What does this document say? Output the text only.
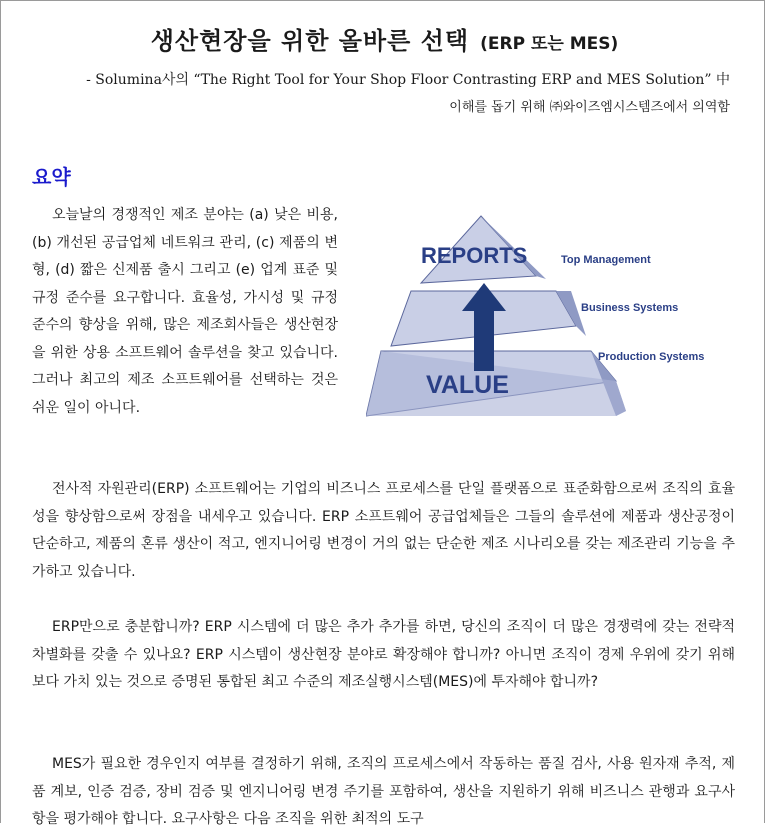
생산현장을 위한 올바른 선택 (ERP 또는 MES)
- Solumina사의 “The Right Tool for Your Shop Floor Contrasting ERP and MES Solution” 中
이해를 돕기 위해 ㈜와이즈엠시스템즈에서 의역함
요약
오늘날의 경쟁적인 제조 분야는 (a) 낮은 비용, (b) 개선된 공급업체 네트워크 관리, (c) 제품의 변형, (d) 짧은 신제품 출시 그리고 (e) 업계 표준 및 규정 준수를 요구합니다. 효율성, 가시성 및 규정준수의 향상을 위해, 많은 제조회사들은 생산현장을 위한 상용 소프트웨어 솔루션을 찾고 있습니다. 그러나 최고의 제조 소프트웨어를 선택하는 것은 쉬운 일이 아니다.
REPORTS
VALUE
Top Management
Business Systems
Production Systems
전사적 자원관리(ERP) 소프트웨어는 기업의 비즈니스 프로세스를 단일 플랫폼으로 표준화함으로써 조직의 효율성을 향상함으로써 장점을 내세우고 있습니다. ERP 소프트웨어 공급업체들은 그들의 솔루션에 제품과 생산공정이 단순하고, 제품의 혼류 생산이 적고, 엔지니어링 변경이 거의 없는 단순한 제조 시나리오를 갖는 제조관리 기능을 추가하고 있습니다.
ERP만으로 충분합니까? ERP 시스템에 더 많은 추가 추가를 하면, 당신의 조직이 더 많은 경쟁력에 갖는 전략적 차별화를 갖출 수 있나요? ERP 시스템이 생산현장 분야로 확장해야 합니까? 아니면 조직이 경제 우위에 갖기 위해 보다 가치 있는 것으로 증명된 통합된 최고 수준의 제조실행시스템(MES)에 투자해야 합니까?
MES가 필요한 경우인지 여부를 결정하기 위해, 조직의 프로세스에서 작동하는 품질 검사, 사용 원자재 추적, 제품 계보, 인증 검증, 장비 검증 및 엔지니어링 변경 주기를 포함하여, 생산을 지원하기 위해 비즈니스 관행과 요구사항을 평가해야 합니다. 요구사항은 다음 조직을 위한 최적의 도구
